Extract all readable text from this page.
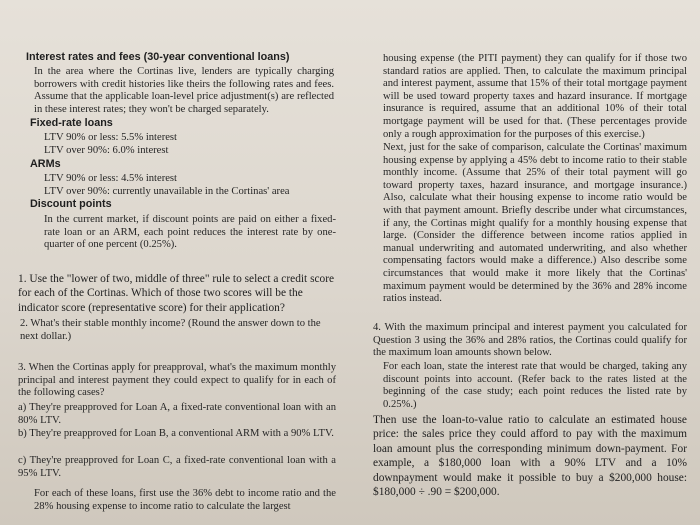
Interest rates and fees (30-year conventional loans)
In the area where the Cortinas live, lenders are typically charging borrowers with credit histories like theirs the following rates and fees. Assume that the applicable loan-level price adjustment(s) are reflected in these interest rates; they won't be charged separately.
Fixed-rate loans
LTV 90% or less: 5.5% interest
LTV over 90%: 6.0% interest
ARMs
LTV 90% or less: 4.5% interest
LTV over 90%: currently unavailable in the Cortinas' area
Discount points
In the current market, if discount points are paid on either a fixed-rate loan or an ARM, each point reduces the interest rate by one-quarter of one percent (0.25%).
1. Use the "lower of two, middle of three" rule to select a credit score for each of the Cortinas. Which of those two scores will be the indicator score (representative score) for their application?
2. What's their stable monthly income? (Round the answer down to the next dollar.)
3. When the Cortinas apply for preapproval, what's the maximum monthly principal and interest payment they could expect to qualify for in each of the following cases?
a) They're preapproved for Loan A, a fixed-rate conventional loan with an 80% LTV.
b) They're preapproved for Loan B, a conventional ARM with a 90% LTV.
c) They're preapproved for Loan C, a fixed-rate conventional loan with a 95% LTV.
For each of these loans, first use the 36% debt to income ratio and the 28% housing expense to income ratio to calculate the largest
housing expense (the PITI payment) they can qualify for if those two standard ratios are applied. Then, to calculate the maximum principal and interest payment, assume that 15% of their total mortgage payment will be used toward property taxes and hazard insurance. If mortgage insurance is required, assume that an additional 10% of their total mortgage payment will be used for that. (These percentages provide only a rough approximation for the purposes of this exercise.)
Next, just for the sake of comparison, calculate the Cortinas' maximum housing expense by applying a 45% debt to income ratio to their stable monthly income. (Assume that 25% of their total payment will go toward property taxes, hazard insurance, and mortgage insurance.) Also, calculate what their housing expense to income ratio would be with that payment amount. Briefly describe under what circumstances, if any, the Cortinas might qualify for a monthly housing expense that large. (Consider the difference between income ratios applied in manual underwriting and automated underwriting, and also whether compensating factors would make a difference.) Also describe some circumstances that would make it more likely that the Cortinas' maximum payment would be determined by the 36% and 28% income ratios instead.
4. With the maximum principal and interest payment you calculated for Question 3 using the 36% and 28% ratios, the Cortinas could qualify for the maximum loan amounts shown below.
For each loan, state the interest rate that would be charged, taking any discount points into account. (Refer back to the rates listed at the beginning of the case study; each point reduces the listed rate by 0.25%.)
Then use the loan-to-value ratio to calculate an estimated house price: the sales price they could afford to pay with the maximum loan amount plus the corresponding minimum down-payment. For example, a $180,000 loan with a 90% LTV and a 10% downpayment would make it possible to buy a $200,000 house: $180,000 ÷ .90 = $200,000.
